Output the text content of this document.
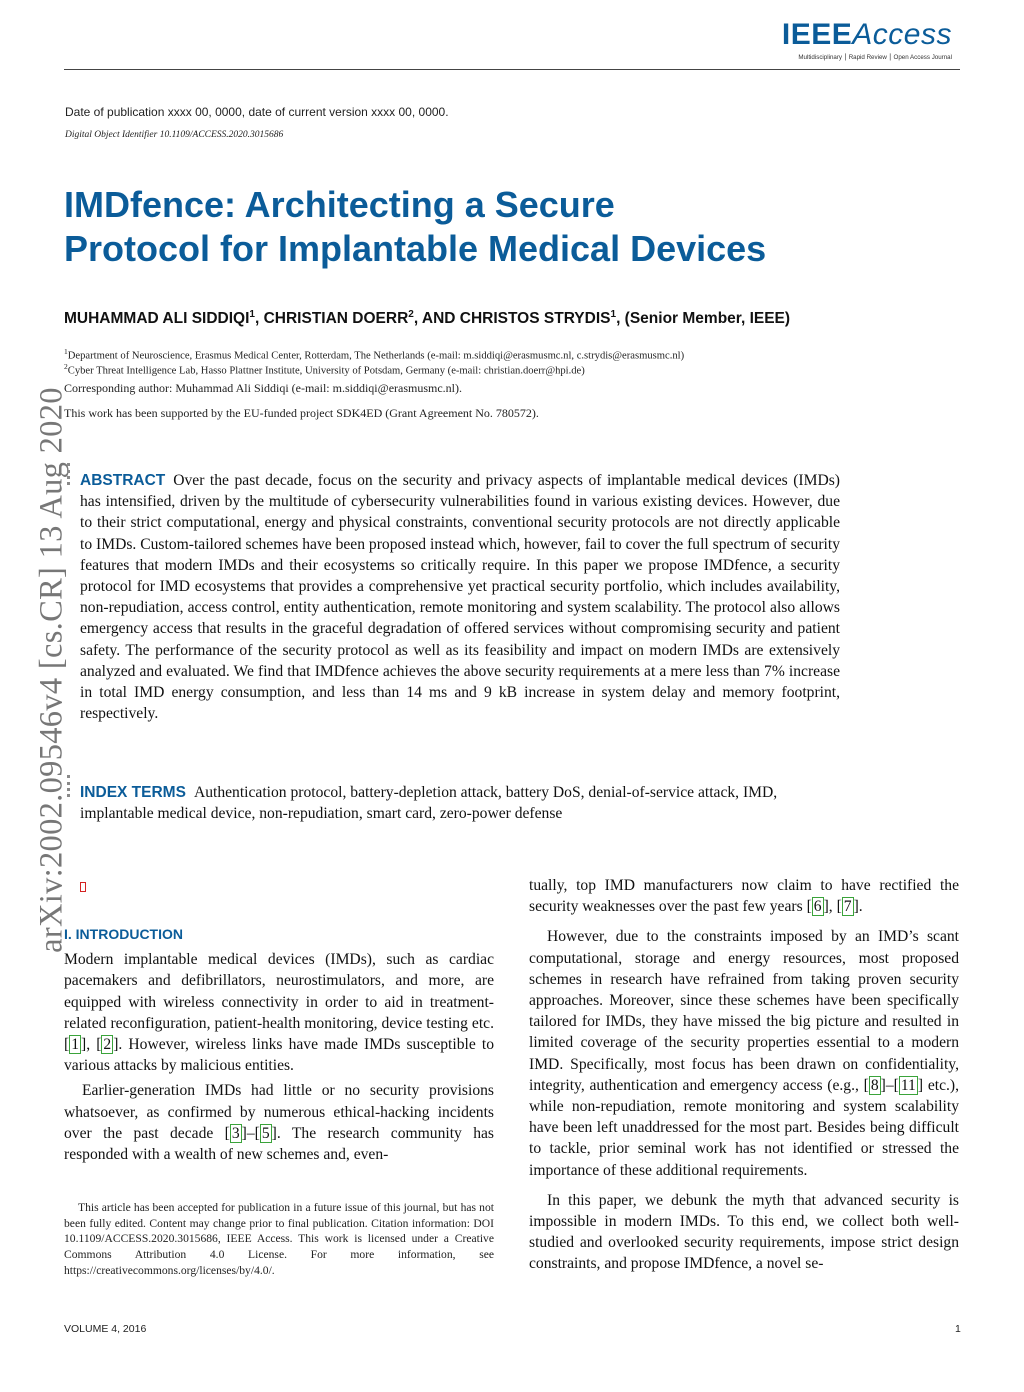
IEEEAccess
Multidisciplinary ⎮ Rapid Review ⎮ Open Access Journal
Date of publication xxxx 00, 0000, date of current version xxxx 00, 0000.
Digital Object Identifier 10.1109/ACCESS.2020.3015686
IMDfence: Architecting a Secure
Protocol for Implantable Medical Devices
MUHAMMAD ALI SIDDIQI$^1$, CHRISTIAN DOERR$^2$, AND CHRISTOS STRYDIS$^1$, (Senior Member, IEEE)
$^1$Department of Neuroscience, Erasmus Medical Center, Rotterdam, The Netherlands (e-mail: m.siddiqi@erasmusmc.nl, c.strydis@erasmusmc.nl)
$^2$Cyber Threat Intelligence Lab, Hasso Plattner Institute, University of Potsdam, Germany (e-mail: christian.doerr@hpi.de)
Corresponding author: Muhammad Ali Siddiqi (e-mail: m.siddiqi@erasmusmc.nl).
This work has been supported by the EU-funded project SDK4ED (Grant Agreement No. 780572).
arXiv:2002.09546v4 [cs.CR] 13 Aug 2020 ABSTRACT Over the past decade, focus on the security and privacy aspects of implantable medical devices (IMDs) has intensified, driven by the multitude of cybersecurity vulnerabilities found in various existing devices. However, due to their strict computational, energy and physical constraints, conventional security protocols are not directly applicable to IMDs. Custom-tailored schemes have been proposed instead which, however, fail to cover the full spectrum of security features that modern IMDs and their ecosystems so critically require. In this paper we propose IMDfence, a security protocol for IMD ecosystems that provides a comprehensive yet practical security portfolio, which includes availability, non-repudiation, access control, entity authentication, remote monitoring and system scalability. The protocol also allows emergency access that results in the graceful degradation of offered services without compromising security and patient safety. The performance of the security protocol as well as its feasibility and impact on modern IMDs are extensively analyzed and evaluated. We find that IMDfence achieves the above security requirements at a mere less than 7% increase in total IMD energy consumption, and less than 14 ms and 9 kB increase in system delay and memory footprint, respectively.
INDEX TERMS Authentication protocol, battery-depletion attack, battery DoS, denial-of-service attack, IMD, implantable medical device, non-repudiation, smart card, zero-power defense
I. INTRODUCTION

Modern implantable medical devices (IMDs), such as cardiac pacemakers and defibrillators, neurostimulators, and more, are equipped with wireless connectivity in order to aid in treatment-related reconfiguration, patient-health monitoring, device testing etc. [ 1 ], [ 2 ]. However, wireless links have made IMDs susceptible to various attacks by malicious entities.

Earlier-generation IMDs had little or no security provisions whatsoever, as confirmed by numerous ethical-hacking incidents over the past decade [ 3 ]–[ 5 ]. The research community has responded with a wealth of new schemes and, even-

This article has been accepted for publication in a future issue of this journal, but has not been fully edited. Content may change prior to final publication. Citation information: DOI 10.1109/ACCESS.2020.3015686, IEEE Access. This work is licensed under a Creative Commons Attribution 4.0 License. For more information, see https://creativecommons.org/licenses/by/4.0/.

tually, top IMD manufacturers now claim to have rectified the security weaknesses over the past few years [ 6 ], [ 7 ].

However, due to the constraints imposed by an IMD’s scant computational, storage and energy resources, most proposed schemes in research have refrained from taking proven security approaches. Moreover, since these schemes have been specifically tailored for IMDs, they have missed the big picture and resulted in limited coverage of the security properties essential to a modern IMD. Specifically, most focus has been drawn on confidentiality, integrity, authentication and emergency access (e.g., [ 8 ]–[ 11 ] etc.), while non-repudiation, remote monitoring and system scalability have been left unaddressed for the most part. Besides being difficult to tackle, prior seminal work has not identified or stressed the importance of these additional requirements.

In this paper, we debunk the myth that advanced security is impossible in modern IMDs. To this end, we collect both well-studied and overlooked security requirements, impose strict design constraints, and propose IMDfence, a novel se-

VOLUME 4, 2016	1
